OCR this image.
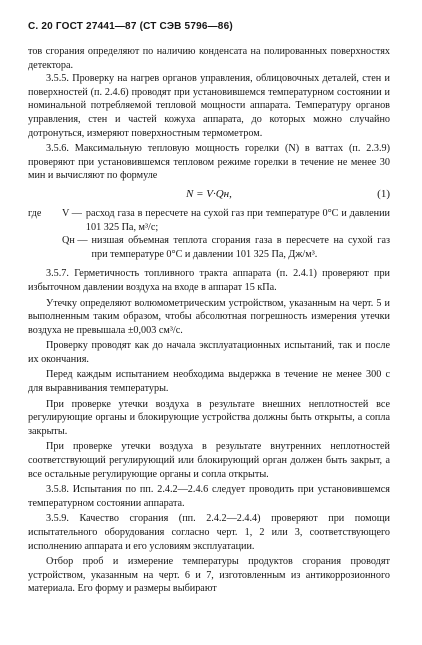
С. 20 ГОСТ 27441—87 (СТ СЭВ 5796—86)

тов сгорания определяют по наличию конденсата на полированных поверхностях детектора.

3.5.5. Проверку на нагрев органов управления, облицовочных деталей, стен и поверхностей (п. 2.4.6) проводят при установившемся температурном состоянии и номинальной потребляемой тепловой мощности аппарата. Температуру органов управления, стен и частей кожуха аппарата, до которых можно случайно дотронуться, измеряют поверхностным термометром.

3.5.6. Максимальную тепловую мощность горелки (N) в ваттах (п. 2.3.9) проверяют при установившемся тепловом режиме горелки в течение не менее 30 мин и вычисляют по формуле

N = V·Qн,	(1)
где	V — расход газа в пересчете на сухой газ при температуре 0°С и давлении 101 325 Па, м³/с;
Qн — низшая объемная теплота сгорания газа в пересчете на сухой газ при температуре 0°С и давлении 101 325 Па, Дж/м³.

3.5.7. Герметичность топливного тракта аппарата (п. 2.4.1) проверяют при избыточном давлении воздуха на входе в аппарат 15 кПа.

Утечку определяют волюмометрическим устройством, указанным на черт. 5 и выполненным таким образом, чтобы абсолютная погрешность измерения утечки воздуха не превышала ±0,003 см³/с.

Проверку проводят как до начала эксплуатационных испытаний, так и после их окончания.

Перед каждым испытанием необходима выдержка в течение не менее 300 с для выравнивания температуры.

При проверке утечки воздуха в результате внешних неплотностей все регулирующие органы и блокирующие устройства должны быть открыты, а сопла закрыты.

При проверке утечки воздуха в результате внутренних неплотностей соответствующий регулирующий или блокирующий орган должен быть закрыт, а все остальные регулирующие органы и сопла открыты.

3.5.8. Испытания по пп. 2.4.2—2.4.6 следует проводить при установившемся температурном состоянии аппарата.

3.5.9. Качество сгорания (пп. 2.4.2—2.4.4) проверяют при помощи испытательного оборудования согласно черт. 1, 2 или 3, соответствующего исполнению аппарата и его условиям эксплуатации.

Отбор проб и измерение температуры продуктов сгорания проводят устройством, указанным на черт. 6 и 7, изготовленным из антикоррозионного материала. Его форму и размеры выбирают
